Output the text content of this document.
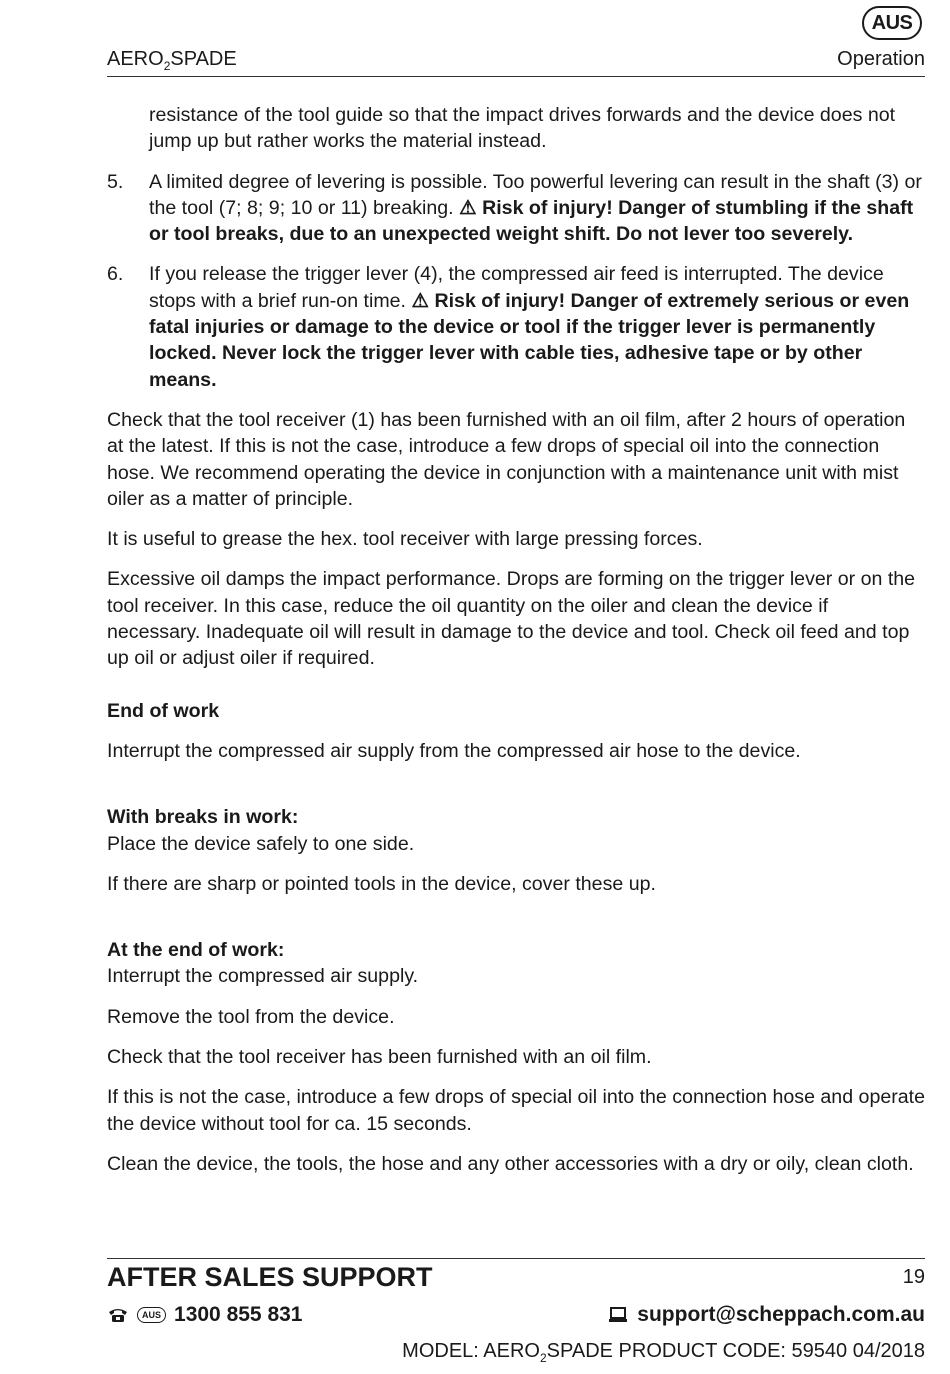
AUS
$AERO_2SPADE$	Operation

resistance of the tool guide so that the impact drives forwards and the device does not jump up but rather works the material instead.

5. A limited degree of levering is possible. Too powerful levering can result in the shaft (3) or the tool (7; 8; 9; 10 or 11) breaking. ⚠ Risk of injury! Danger of stumbling if the shaft or tool breaks, due to an unexpected weight shift. Do not lever too severely.
6. If you release the trigger lever (4), the compressed air feed is interrupted. The device stops with a brief run-on time. ⚠ Risk of injury! Danger of extremely serious or even fatal injuries or damage to the device or tool if the trigger lever is permanently locked. Never lock the trigger lever with cable ties, adhesive tape or by other means.

Check that the tool receiver (1) has been furnished with an oil film, after 2 hours of operation at the latest. If this is not the case, introduce a few drops of special oil into the connection hose. We recommend operating the device in conjunction with a maintenance unit with mist oiler as a matter of principle.

It is useful to grease the hex. tool receiver with large pressing forces.

Excessive oil damps the impact performance. Drops are forming on the trigger lever or on the tool receiver. In this case, reduce the oil quantity on the oiler and clean the device if necessary. Inadequate oil will result in damage to the device and tool. Check oil feed and top up oil or adjust oiler if required.

End of work

Interrupt the compressed air supply from the compressed air hose to the device.

With breaks in work:

Place the device safely to one side.

If there are sharp or pointed tools in the device, cover these up.

At the end of work:

Interrupt the compressed air supply.

Remove the tool from the device.

Check that the tool receiver has been furnished with an oil film.

If this is not the case, introduce a few drops of special oil into the connection hose and operate the device without tool for ca. 15 seconds.

Clean the device, the tools, the hose and any other accessories with a dry or oily, clean cloth.

AFTER SALES SUPPORT	19
AUS 1300 855 831	support@scheppach.com.au
MODEL: $AERO_2SPADE$ PRODUCT CODE: 59540 04/2018
